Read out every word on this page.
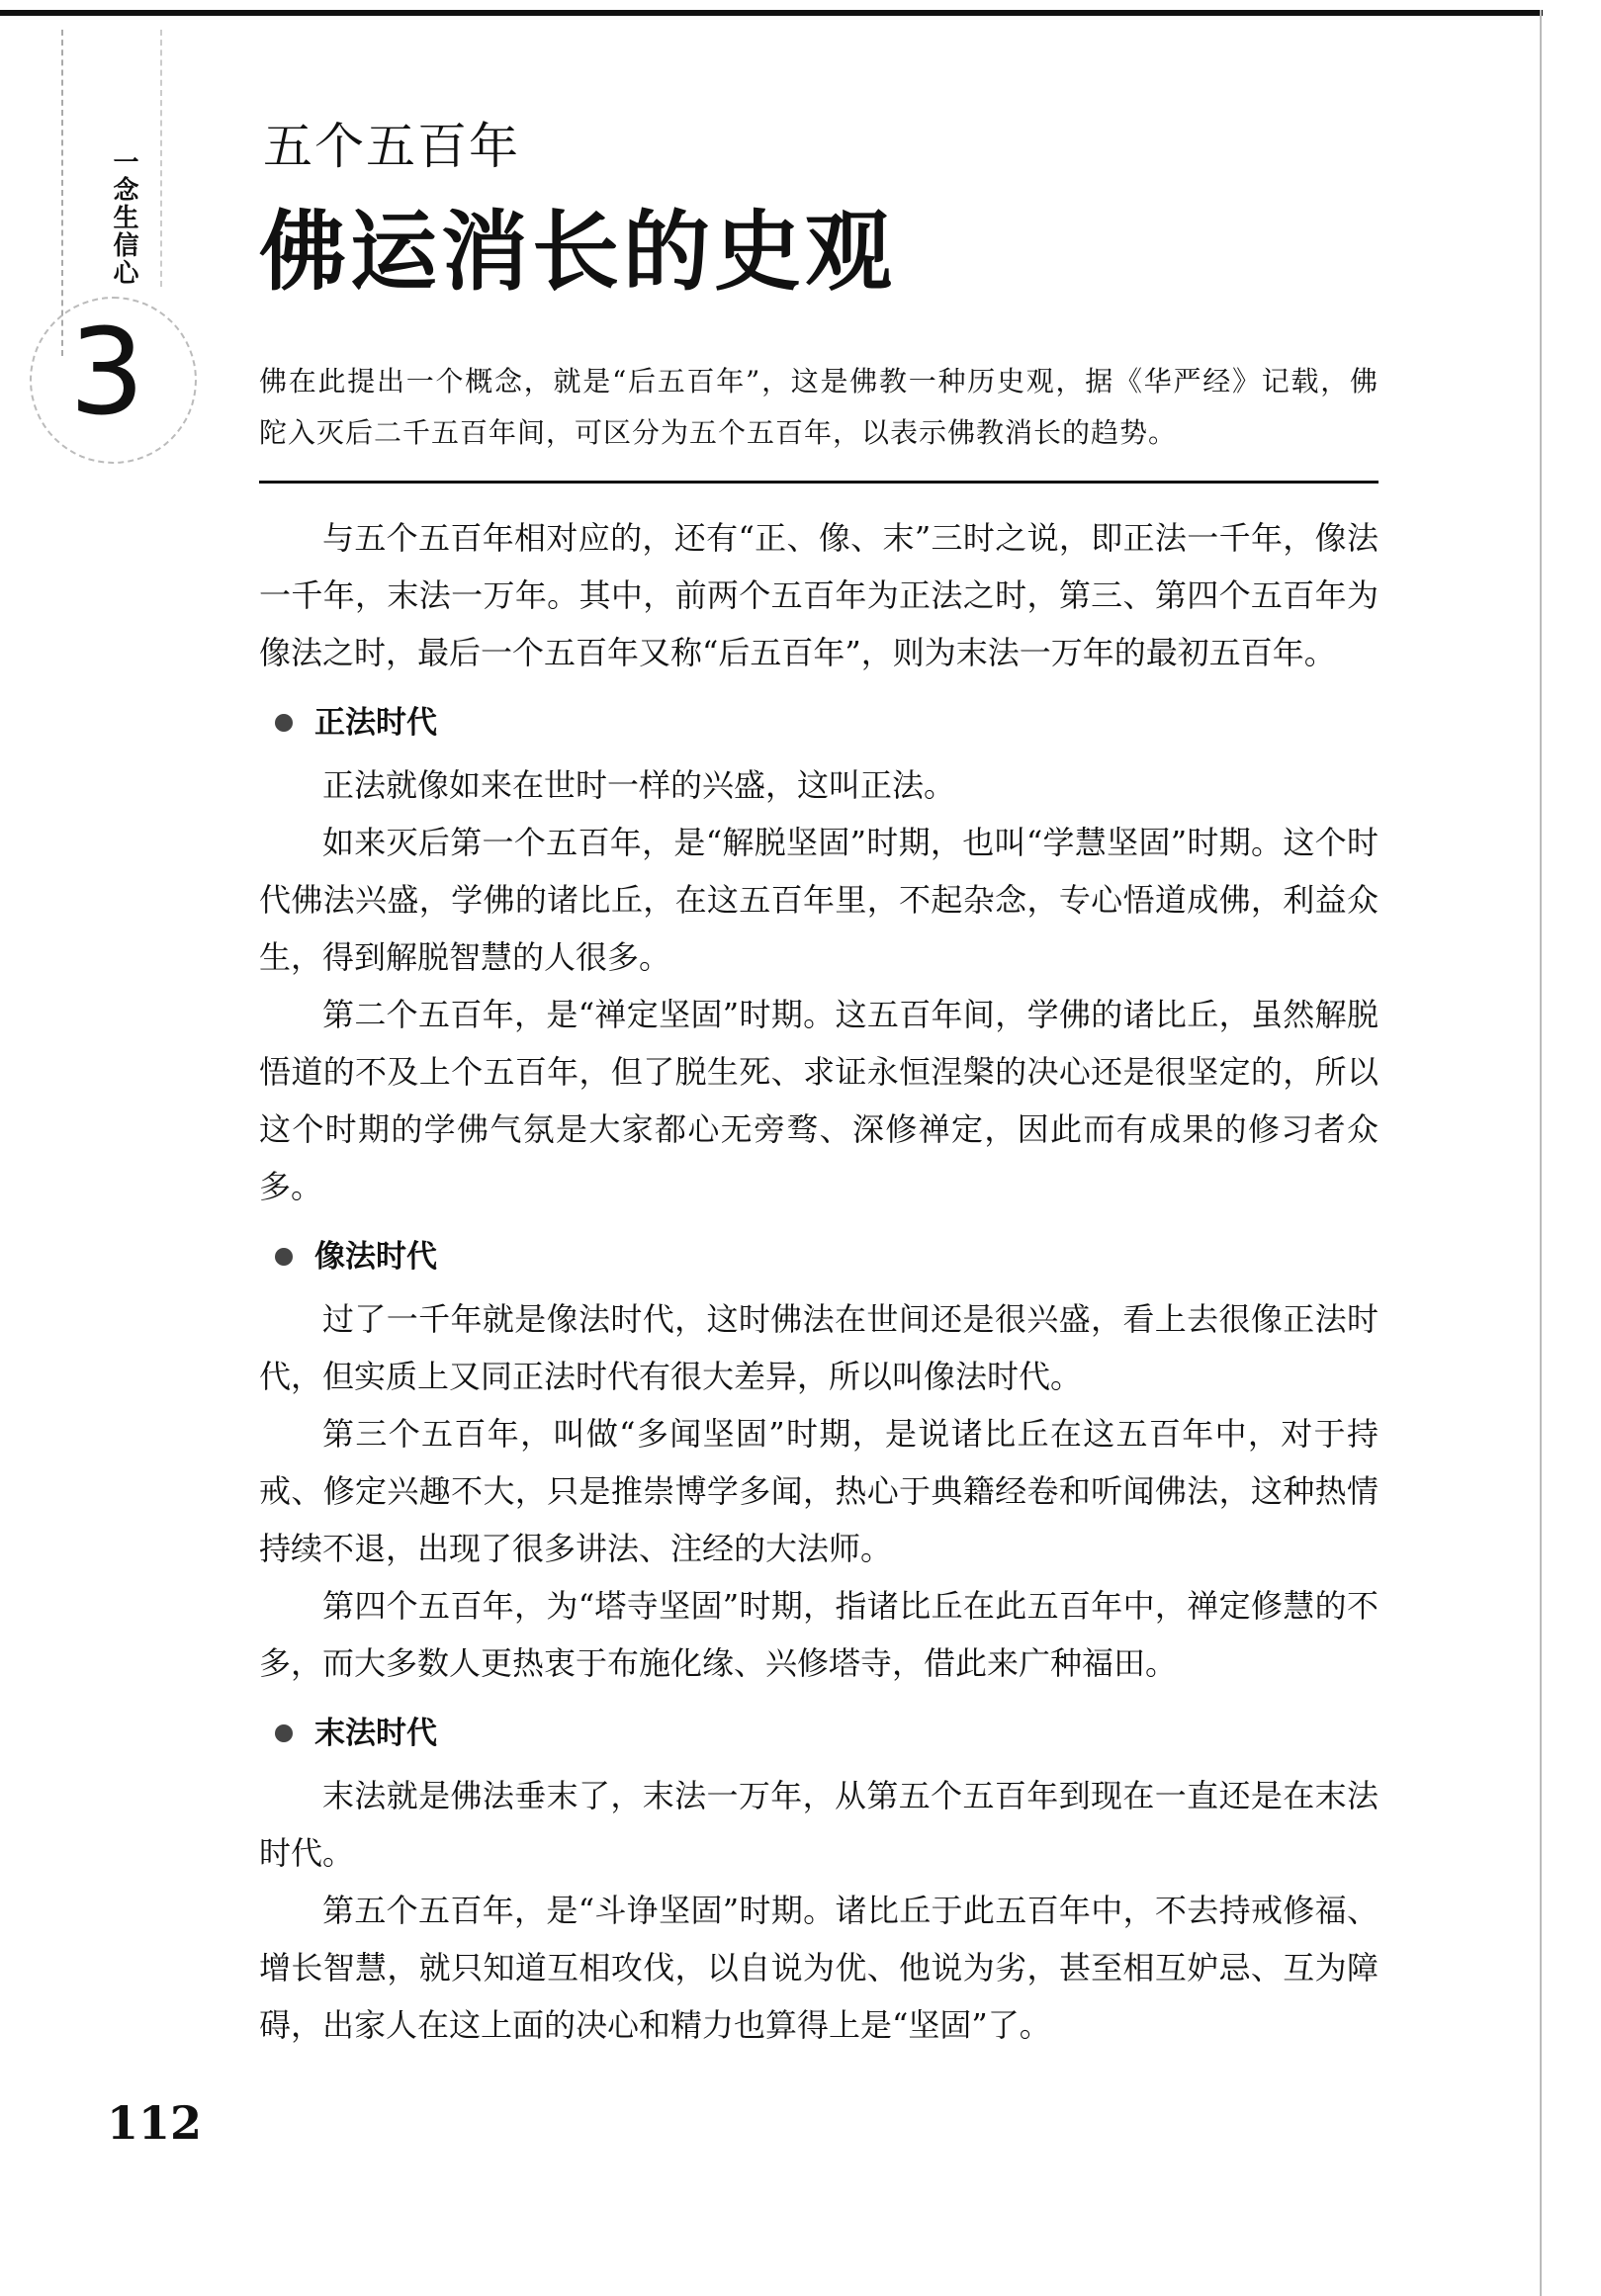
一念生信心
3
五个五百年
佛运消长的史观
佛在此提出一个概念，就是“后五百年”，这是佛教一种历史观，据《华严经》记载，佛陀入灭后二千五百年间，可区分为五个五百年，以表示佛教消长的趋势。

与五个五百年相对应的，还有“正、像、末”三时之说，即正法一千年，像法一千年，末法一万年。其中，前两个五百年为正法之时，第三、第四个五百年为像法之时，最后一个五百年又称“后五百年”，则为末法一万年的最初五百年。

正法时代

正法就像如来在世时一样的兴盛，这叫正法。

如来灭后第一个五百年，是“解脱坚固”时期，也叫“学慧坚固”时期。这个时代佛法兴盛，学佛的诸比丘，在这五百年里，不起杂念，专心悟道成佛，利益众生，得到解脱智慧的人很多。

第二个五百年，是“禅定坚固”时期。这五百年间，学佛的诸比丘，虽然解脱悟道的不及上个五百年，但了脱生死、求证永恒涅槃的决心还是很坚定的，所以这个时期的学佛气氛是大家都心无旁骛、深修禅定，因此而有成果的修习者众多。

像法时代

过了一千年就是像法时代，这时佛法在世间还是很兴盛，看上去很像正法时代，但实质上又同正法时代有很大差异，所以叫像法时代。

第三个五百年，叫做“多闻坚固”时期，是说诸比丘在这五百年中，对于持戒、修定兴趣不大，只是推崇博学多闻，热心于典籍经卷和听闻佛法，这种热情持续不退，出现了很多讲法、注经的大法师。

第四个五百年，为“塔寺坚固”时期，指诸比丘在此五百年中，禅定修慧的不多，而大多数人更热衷于布施化缘、兴修塔寺，借此来广种福田。

末法时代

末法就是佛法垂末了，末法一万年，从第五个五百年到现在一直还是在末法时代。

第五个五百年，是“斗诤坚固”时期。诸比丘于此五百年中，不去持戒修福、增长智慧，就只知道互相攻伐，以自说为优、他说为劣，甚至相互妒忌、互为障碍，出家人在这上面的决心和精力也算得上是“坚固”了。

112
